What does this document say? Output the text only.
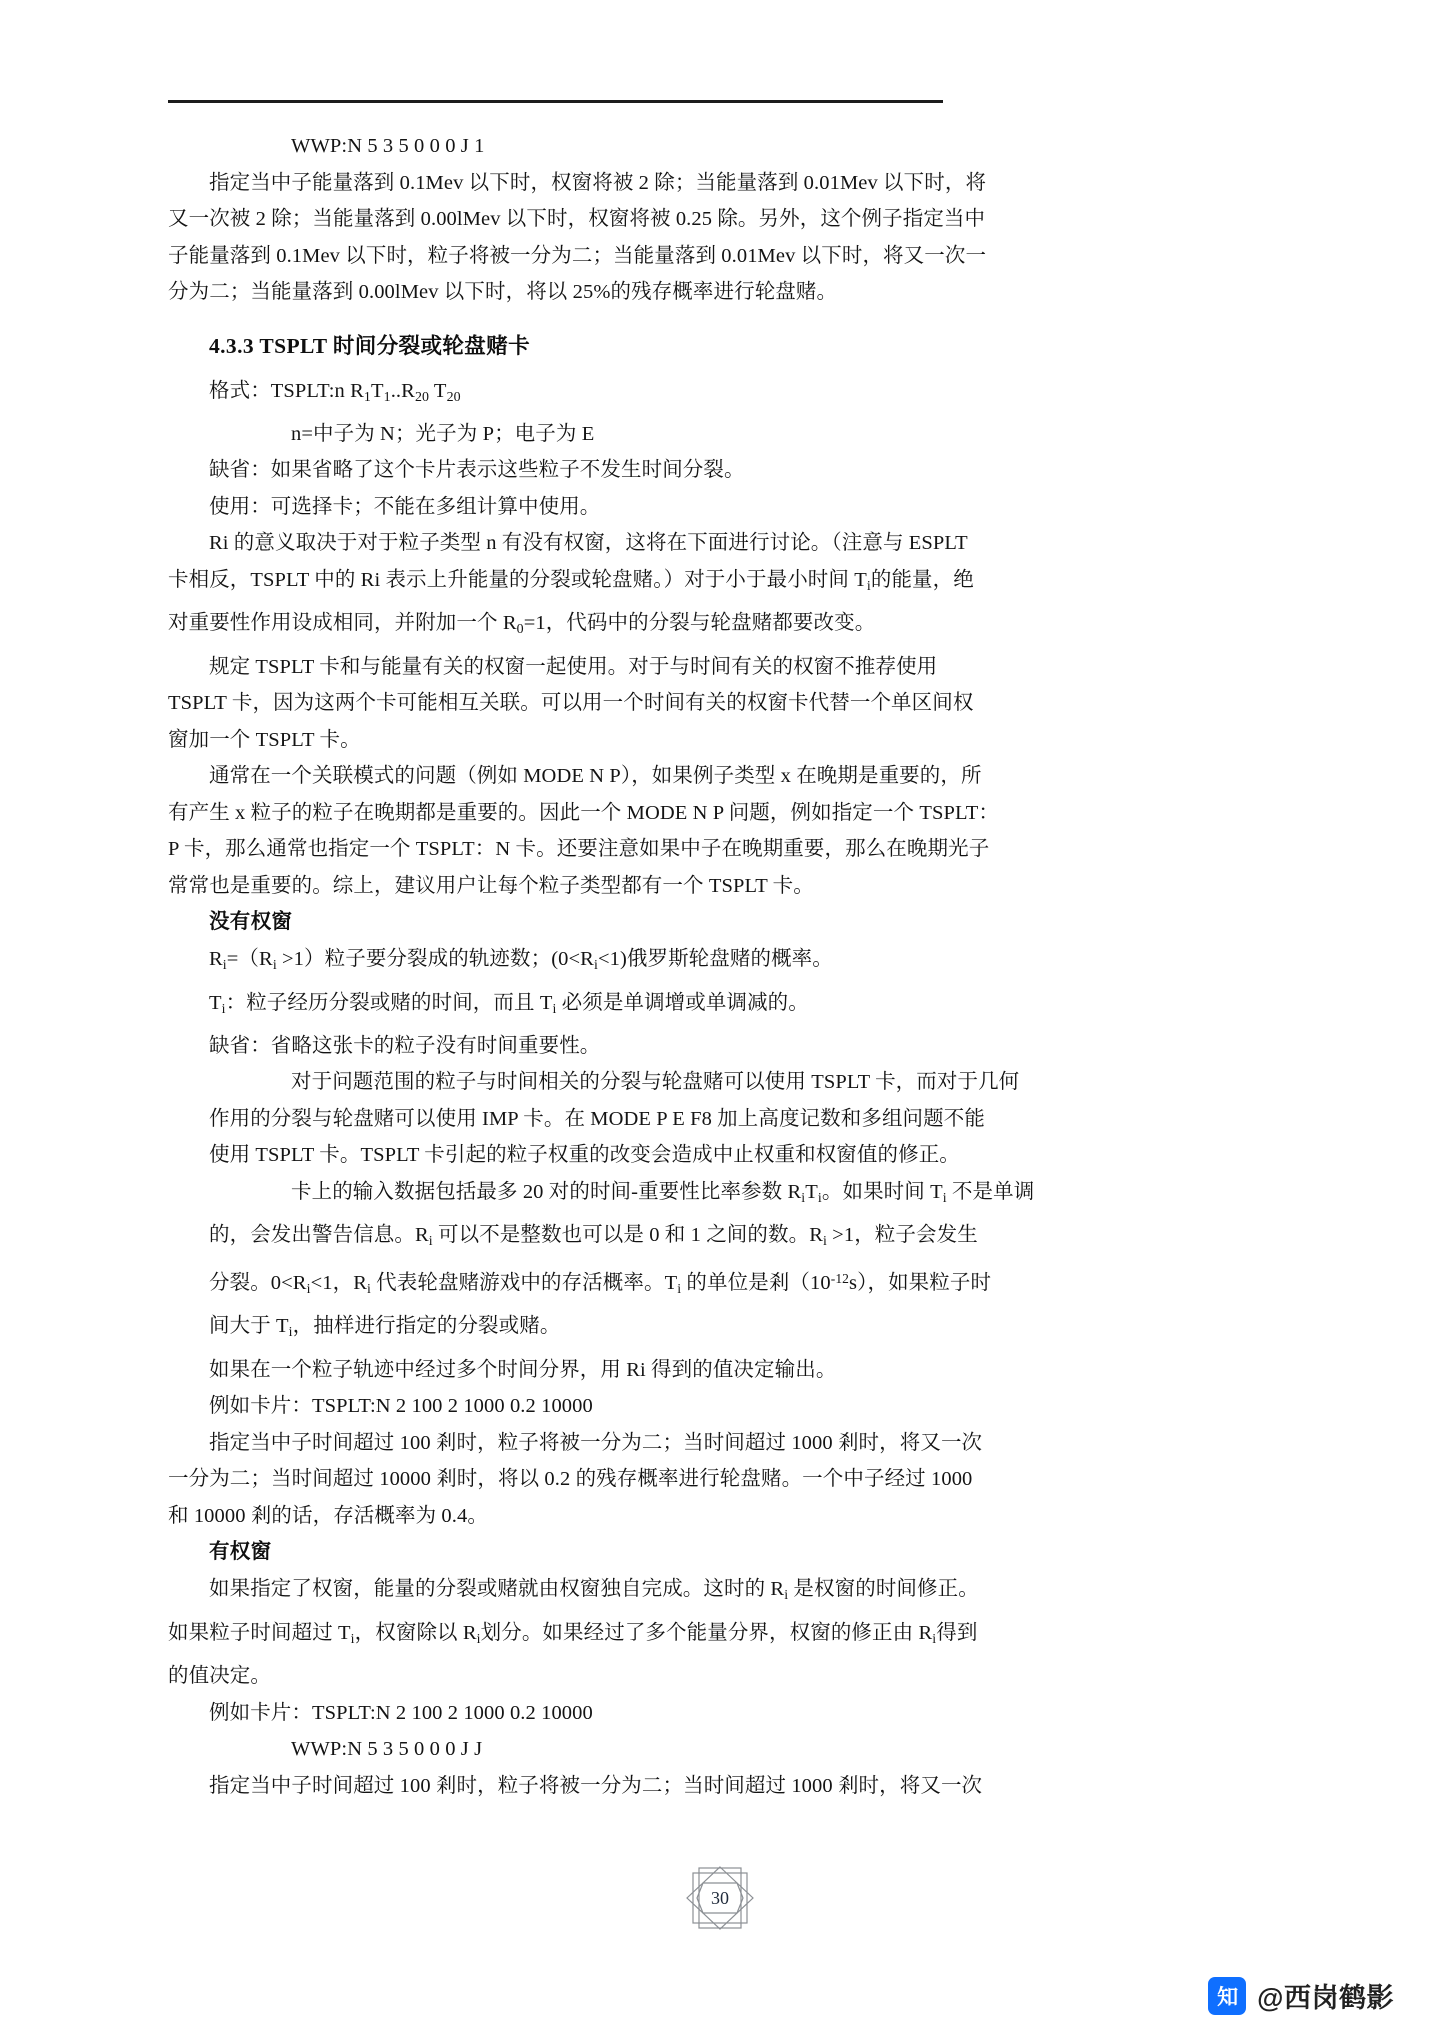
WWP:N 5 3 5 0 0 0 J 1
指定当中子能量落到 0.1Mev 以下时，权窗将被 2 除；当能量落到 0.01Mev 以下时，将
又一次被 2 除；当能量落到 0.00lMev 以下时，权窗将被 0.25 除。另外，这个例子指定当中
子能量落到 0.1Mev 以下时，粒子将被一分为二；当能量落到 0.01Mev 以下时，将又一次一
分为二；当能量落到 0.00lMev 以下时，将以 25%的残存概率进行轮盘赌。
4.3.3 TSPLT 时间分裂或轮盘赌卡
格式：TSPLT:n $R_1T_1..R_{20}$ $T_{20}$
n=中子为 N；光子为 P；电子为 E
缺省：如果省略了这个卡片表示这些粒子不发生时间分裂。
使用：可选择卡；不能在多组计算中使用。
Ri 的意义取决于对于粒子类型 n 有没有权窗，这将在下面进行讨论。（注意与 ESPLT
卡相反，TSPLT 中的 Ri 表示上升能量的分裂或轮盘赌。）对于小于最小时间 $T_i$的能量，绝
对重要性作用设成相同，并附加一个 $R_0=1$，代码中的分裂与轮盘赌都要改变。
规定 TSPLT 卡和与能量有关的权窗一起使用。对于与时间有关的权窗不推荐使用
TSPLT 卡，因为这两个卡可能相互关联。可以用一个时间有关的权窗卡代替一个单区间权
窗加一个 TSPLT 卡。
通常在一个关联模式的问题（例如 MODE N P），如果例子类型 x 在晚期是重要的，所
有产生 x 粒子的粒子在晚期都是重要的。因此一个 MODE N P 问题，例如指定一个 TSPLT：
P 卡，那么通常也指定一个 TSPLT：N 卡。还要注意如果中子在晚期重要，那么在晚期光子
常常也是重要的。综上，建议用户让每个粒子类型都有一个 TSPLT 卡。
没有权窗
$R_i=(R_i >1)$粒子要分裂成的轨迹数；$(0<R_i<1)$俄罗斯轮盘赌的概率。
$T_i$：粒子经历分裂或赌的时间，而且 $T_i$ 必须是单调增或单调减的。
缺省：省略这张卡的粒子没有时间重要性。
对于问题范围的粒子与时间相关的分裂与轮盘赌可以使用 TSPLT 卡，而对于几何
作用的分裂与轮盘赌可以使用 IMP 卡。在 MODE P E F8 加上高度记数和多组问题不能
使用 TSPLT 卡。TSPLT 卡引起的粒子权重的改变会造成中止权重和权窗值的修正。
卡上的输入数据包括最多 20 对的时间-重要性比率参数 $R_iT_i$。如果时间 $T_i$ 不是单调
的，会发出警告信息。$R_i$ 可以不是整数也可以是 0 和 1 之间的数。$R_i >1$，粒子会发生
分裂。$0<R_i<1$，$R_i$ 代表轮盘赌游戏中的存活概率。$T_i$ 的单位是剎$(10^{-12}s)$，如果粒子时
间大于 $T_i$，抽样进行指定的分裂或赌。
如果在一个粒子轨迹中经过多个时间分界，用 Ri 得到的值决定输出。
例如卡片：TSPLT:N 2 100 2 1000 0.2 10000
指定当中子时间超过 100 剎时，粒子将被一分为二；当时间超过 1000 剎时，将又一次
一分为二；当时间超过 10000 剎时，将以 0.2 的残存概率进行轮盘赌。一个中子经过 1000
和 10000 剎的话，存活概率为 0.4。
有权窗
如果指定了权窗，能量的分裂或赌就由权窗独自完成。这时的 $R_i$ 是权窗的时间修正。
如果粒子时间超过 $T_i$，权窗除以 $R_i$划分。如果经过了多个能量分界，权窗的修正由 $R_i$得到
的值决定。
例如卡片：TSPLT:N 2 100 2 1000 0.2 10000
WWP:N 5 3 5 0 0 0 J J
指定当中子时间超过 100 剎时，粒子将被一分为二；当时间超过 1000 剎时，将又一次
30
知 @西岗鹤影
